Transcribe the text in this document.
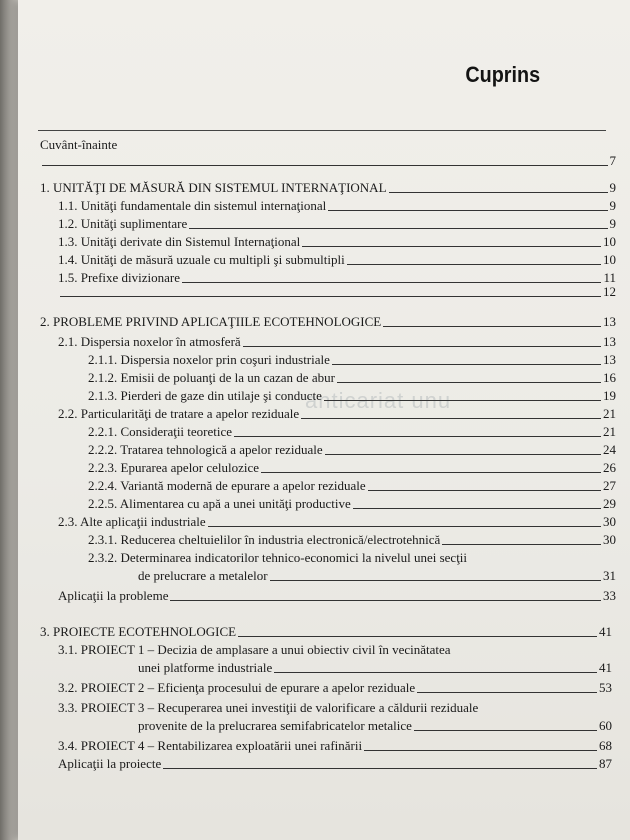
Cuprins
anticariat unu
Cuvânt-înainte
7
1. UNITĂŢI DE MĂSURĂ DIN SISTEMUL INTERNAŢIONAL	9
1.1. Unităţi fundamentale din sistemul internaţional	9
1.2. Unităţi suplimentare	9
1.3. Unităţi derivate din Sistemul Internaţional	10
1.4. Unităţi de măsură uzuale cu multipli şi submultipli	10
1.5. Prefixe divizionare	11
12
2. PROBLEME PRIVIND APLICAŢIILE ECOTEHNOLOGICE	13
2.1. Dispersia noxelor în atmosferă	13
2.1.1. Dispersia noxelor prin coşuri industriale	13
2.1.2. Emisii de poluanţi de la un cazan de abur	16
2.1.3. Pierderi de gaze din utilaje şi conducte	19
2.2. Particularităţi de tratare a apelor reziduale	21
2.2.1. Consideraţii teoretice	21
2.2.2. Tratarea tehnologică a apelor reziduale	24
2.2.3. Epurarea apelor celulozice	26
2.2.4. Variantă modernă de epurare a apelor reziduale	27
2.2.5. Alimentarea cu apă a unei unităţi productive	29
2.3. Alte aplicaţii industriale	30
2.3.1. Reducerea cheltuielilor în industria electronică/electrotehnică	30
2.3.2. Determinarea indicatorilor tehnico-economici la nivelul unei secţii
de prelucrare a metalelor	31
Aplicaţii la probleme	33
3. PROIECTE ECOTEHNOLOGICE	41
3.1. PROIECT 1 – Decizia de amplasare a unui obiectiv civil în vecinătatea
unei platforme industriale	41
3.2. PROIECT 2 – Eficienţa procesului de epurare a apelor reziduale	53
3.3. PROIECT 3 – Recuperarea unei investiţii de valorificare a căldurii reziduale
provenite de la prelucrarea semifabricatelor metalice	60
3.4. PROIECT 4 – Rentabilizarea exploatării unei rafinării	68
Aplicaţii la proiecte	87
